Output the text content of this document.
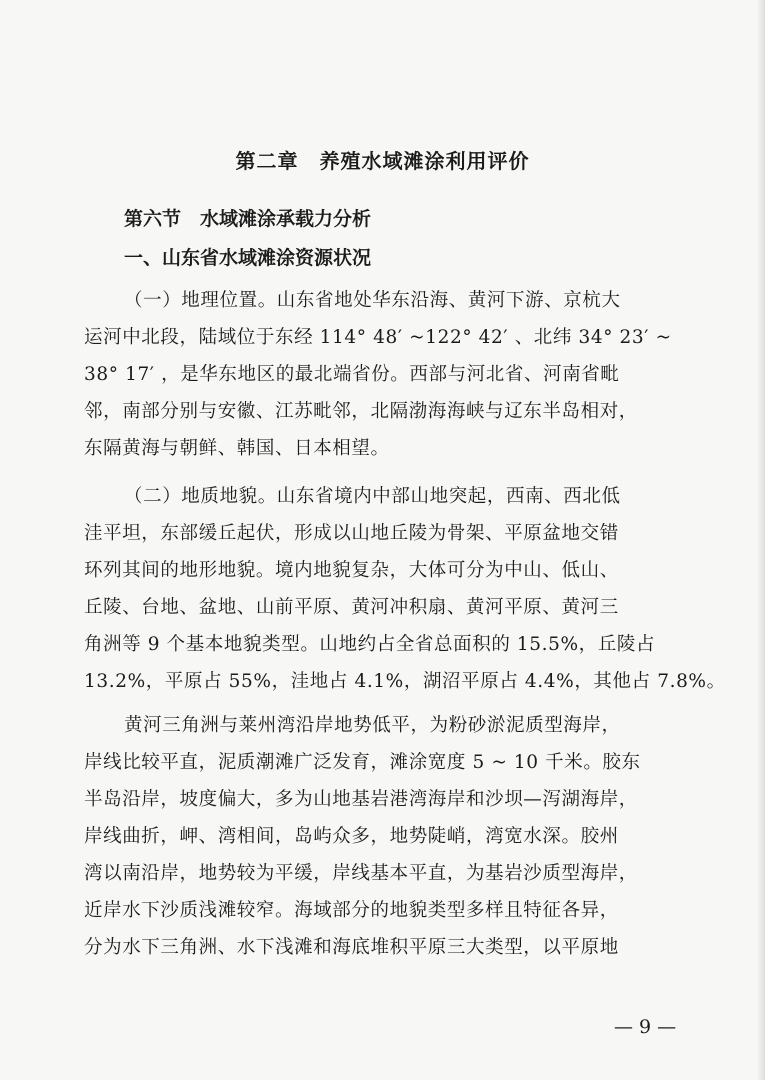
第二章　养殖水域滩涂利用评价
第六节　水域滩涂承载力分析
一、山东省水域滩涂资源状况
（一）地理位置。山东省地处华东沿海、黄河下游、京杭大
运河中北段，陆域位于东经 114° 48′ ~122° 42′ 、北纬 34° 23′ ~
38° 17′ ，是华东地区的最北端省份。西部与河北省、河南省毗
邻，南部分别与安徽、江苏毗邻，北隔渤海海峡与辽东半岛相对，
东隔黄海与朝鲜、韩国、日本相望。
（二）地质地貌。山东省境内中部山地突起，西南、西北低
洼平坦，东部缓丘起伏，形成以山地丘陵为骨架、平原盆地交错
环列其间的地形地貌。境内地貌复杂，大体可分为中山、低山、
丘陵、台地、盆地、山前平原、黄河冲积扇、黄河平原、黄河三
角洲等 9 个基本地貌类型。山地约占全省总面积的 15.5%，丘陵占
13.2%，平原占 55%，洼地占 4.1%，湖沼平原占 4.4%，其他占 7.8%。
黄河三角洲与莱州湾沿岸地势低平，为粉砂淤泥质型海岸，
岸线比较平直，泥质潮滩广泛发育，滩涂宽度 5 ~ 10 千米。胶东
半岛沿岸，坡度偏大，多为山地基岩港湾海岸和沙坝—泻湖海岸，
岸线曲折，岬、湾相间，岛屿众多，地势陡峭，湾宽水深。胶州
湾以南沿岸，地势较为平缓，岸线基本平直，为基岩沙质型海岸，
近岸水下沙质浅滩较窄。海域部分的地貌类型多样且特征各异，
分为水下三角洲、水下浅滩和海底堆积平原三大类型，以平原地
— 9 —
